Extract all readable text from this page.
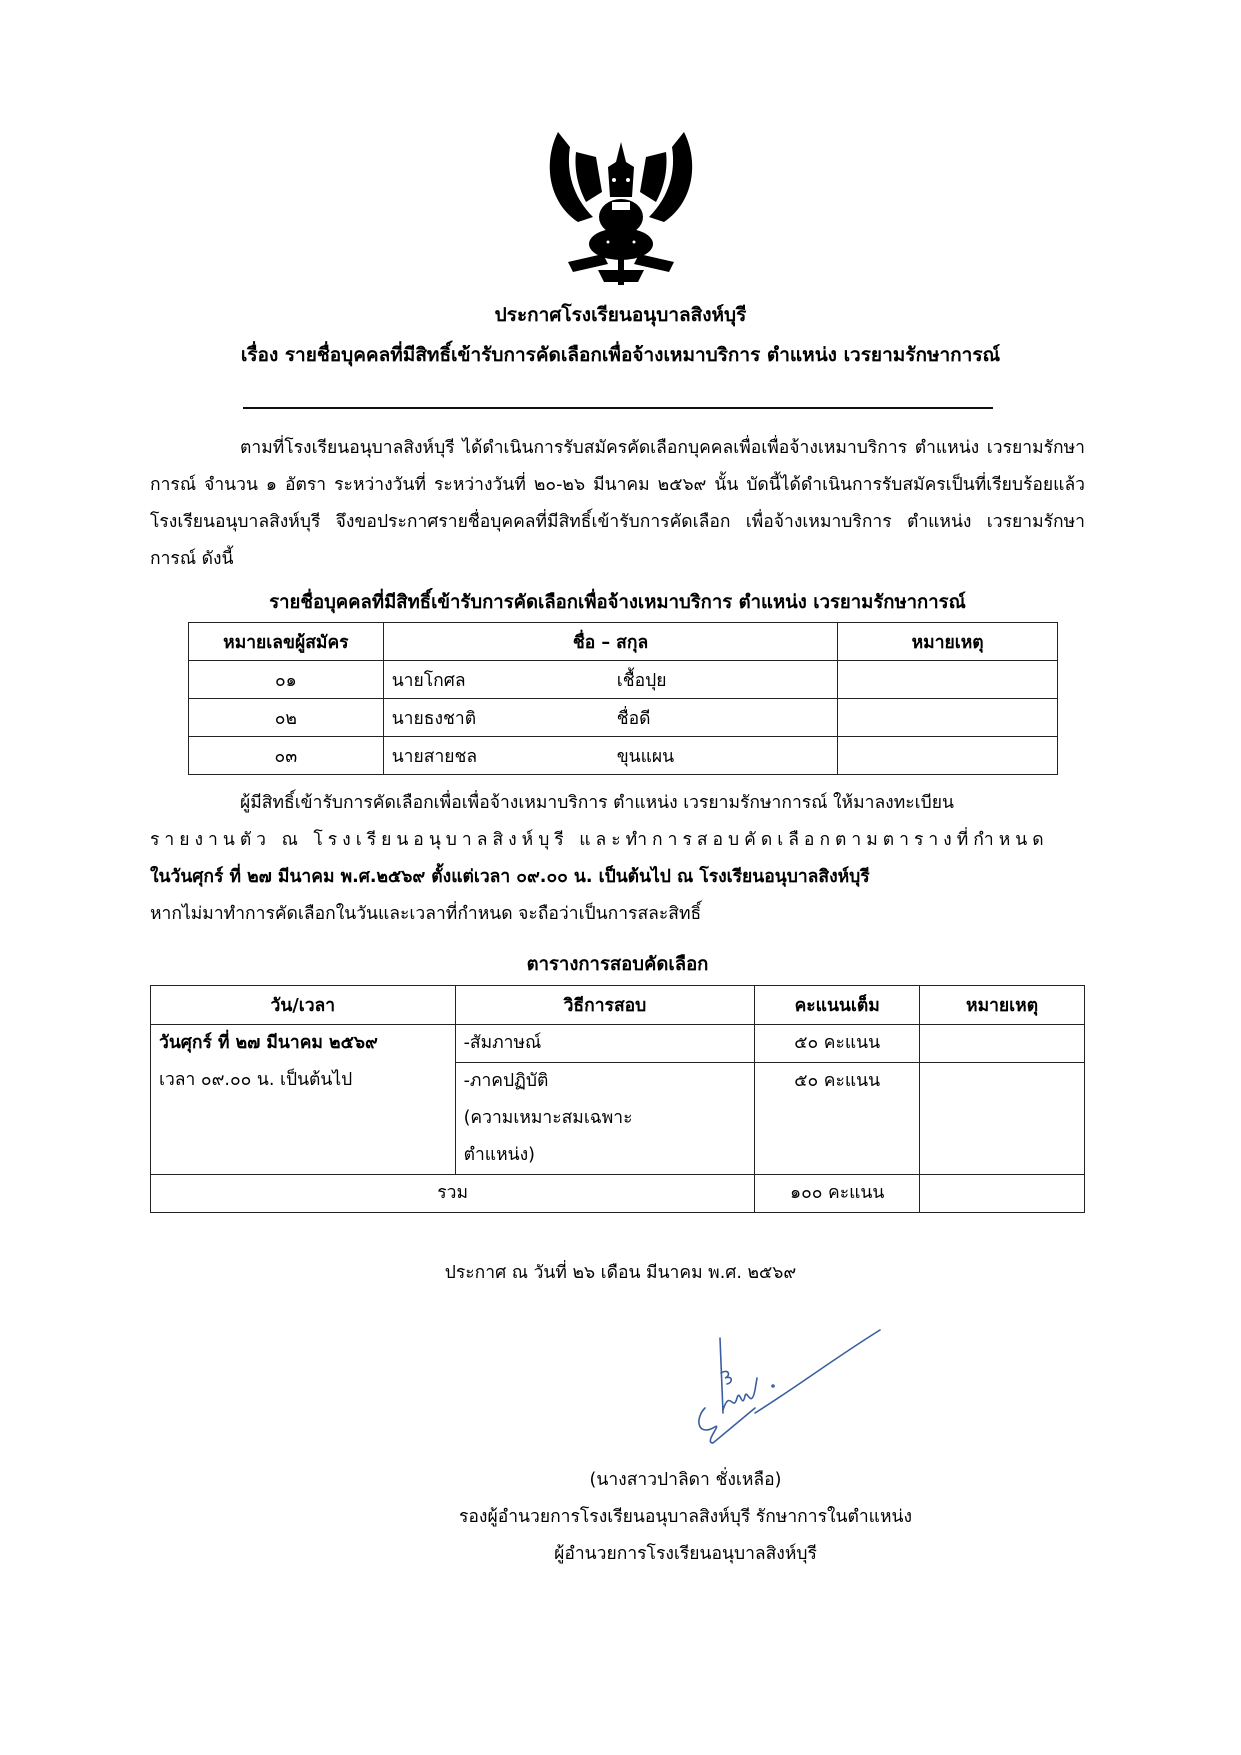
ประกาศโรงเรียนอนุบาลสิงห์บุรี
เรื่อง รายชื่อบุคคลที่มีสิทธิ์เข้ารับการคัดเลือกเพื่อจ้างเหมาบริการ ตำแหน่ง เวรยามรักษาการณ์
ตามที่โรงเรียนอนุบาลสิงห์บุรี ได้ดำเนินการรับสมัครคัดเลือกบุคคลเพื่อเพื่อจ้างเหมาบริการ ตำแหน่ง เวรยามรักษาการณ์ จำนวน ๑ อัตรา ระหว่างวันที่ ระหว่างวันที่ ๒๐-๒๖ มีนาคม ๒๕๖๙ นั้น บัดนี้ได้ดำเนินการรับสมัครเป็นที่เรียบร้อยแล้ว โรงเรียนอนุบาลสิงห์บุรี จึงขอประกาศรายชื่อบุคคลที่มีสิทธิ์เข้ารับการคัดเลือก เพื่อจ้างเหมาบริการ ตำแหน่ง เวรยามรักษาการณ์ ดังนี้
รายชื่อบุคคลที่มีสิทธิ์เข้ารับการคัดเลือกเพื่อจ้างเหมาบริการ ตำแหน่ง เวรยามรักษาการณ์
หมายเลขผู้สมัคร	ชื่อ – สกุล	หมายเหตุ
๐๑	นายโกศล เชื้อปุย	

๐๒	นายธงชาติ ชื่อดี	

๐๓	นายสายชล ขุนแผน	

ผู้มีสิทธิ์เข้ารับการคัดเลือกเพื่อเพื่อจ้างเหมาบริการ ตำแหน่ง เวรยามรักษาการณ์ ให้มาลงทะเบียน
รายงานตัว ณ โรงเรียนอนุบาลสิงห์บุรี และทำการสอบคัดเลือกตามตารางที่กำหนด
ในวันศุกร์ ที่ ๒๗ มีนาคม พ.ศ.๒๕๖๙ ตั้งแต่เวลา ๐๙.๐๐ น. เป็นต้นไป ณ โรงเรียนอนุบาลสิงห์บุรี
หากไม่มาทำการคัดเลือกในวันและเวลาที่กำหนด จะถือว่าเป็นการสละสิทธิ์
ตารางการสอบคัดเลือก
วัน/เวลา	วิธีการสอบ	คะแนนเต็ม	หมายเหตุ

วันศุกร์ ที่ ๒๗ มีนาคม ๒๕๖๙
เวลา ๐๙.๐๐ น. เป็นต้นไป	-สัมภาษณ์	๕๐ คะแนน	

	-ภาคปฏิบัติ
(ความเหมาะสมเฉพาะ
ตำแหน่ง)	๕๐ คะแนน	
รวม		๑๐๐ คะแนน	
ประกาศ ณ วันที่ ๒๖ เดือน มีนาคม พ.ศ. ๒๕๖๙
(นางสาวปาลิดา ชั่งเหลือ)
รองผู้อำนวยการโรงเรียนอนุบาลสิงห์บุรี รักษาการในตำแหน่ง
ผู้อำนวยการโรงเรียนอนุบาลสิงห์บุรี
